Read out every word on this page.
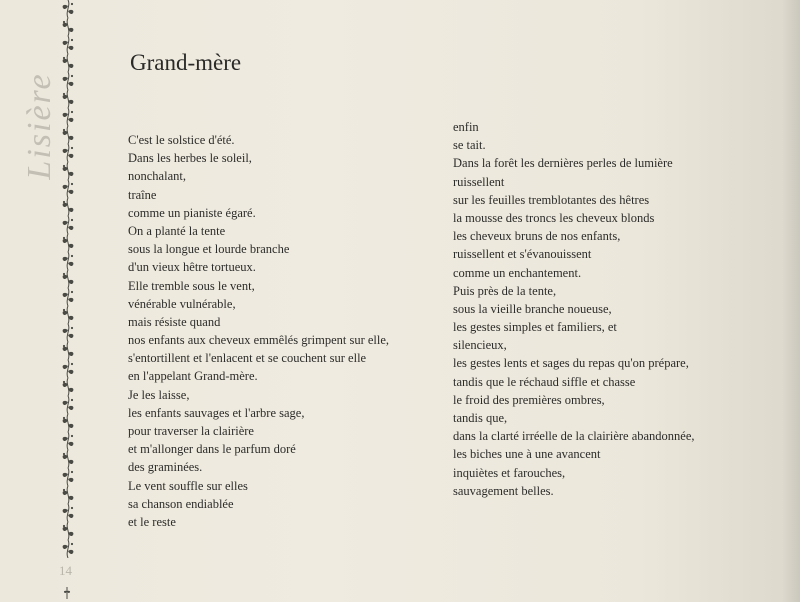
Lisière
Grand-mère
C'est le solstice d'été.
Dans les herbes le soleil,
nonchalant,
traîne
comme un pianiste égaré.
On a planté la tente
sous la longue et lourde branche
d'un vieux hêtre tortueux.
Elle tremble sous le vent,
vénérable vulnérable,
mais résiste quand
nos enfants aux cheveux emmêlés grimpent sur elle,
s'entortillent et l'enlacent et se couchent sur elle
en l'appelant Grand-mère.
Je les laisse,
les enfants sauvages et l'arbre sage,
pour traverser la clairière
et m'allonger dans le parfum doré
des graminées.
Le vent souffle sur elles
sa chanson endiablée
et le reste
enfin
se tait.
Dans la forêt les dernières perles de lumière
ruissellent
sur les feuilles tremblotantes des hêtres
la mousse des troncs les cheveux blonds
les cheveux bruns de nos enfants,
ruissellent et s'évanouissent
comme un enchantement.
Puis près de la tente,
sous la vieille branche noueuse,
les gestes simples et familiers, et
silencieux,
les gestes lents et sages du repas qu'on prépare,
tandis que le réchaud siffle et chasse
le froid des premières ombres,
tandis que,
dans la clarté irréelle de la clairière abandonnée,
les biches une à une avancent
inquiètes et farouches,
sauvagement belles.
14
